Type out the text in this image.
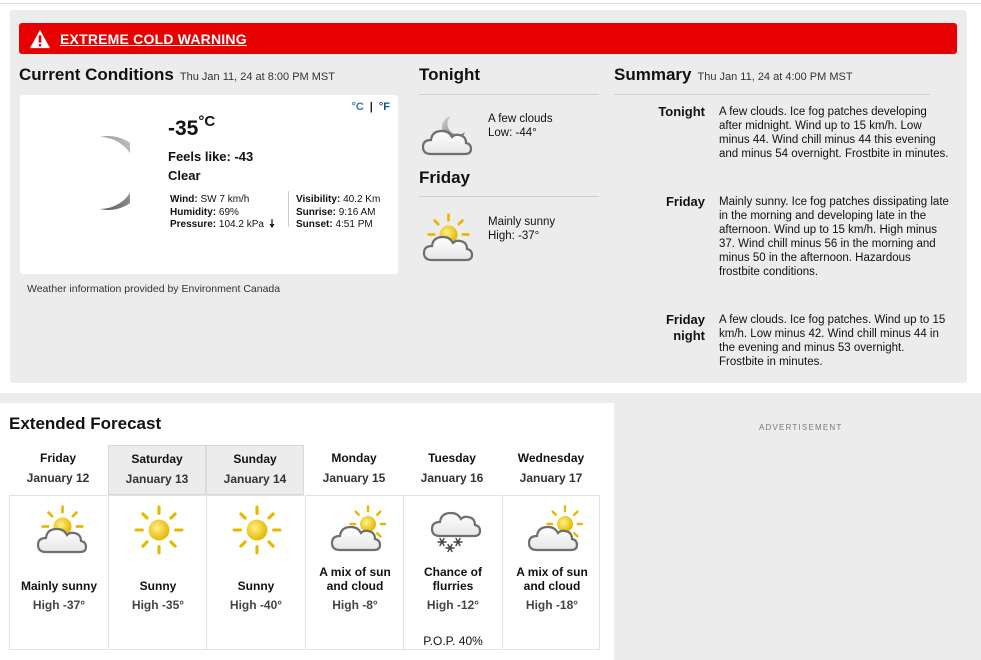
EXTREME COLD WARNING
Current Conditions Thu Jan 11, 24 at 8:00 PM MST
°C | °F
$-35^{^\circ C}$
Feels like: -43
Clear
Wind: SW 7 km/h
Humidity: 69%
Pressure: 104.2 kPa
Visibility: 40.2 Km
Sunrise: 9:16 AM
Sunset: 4:51 PM
Weather information provided by Environment Canada
Tonight
A few clouds
Low: -44°
Friday
Mainly sunny
High: -37°
Summary Thu Jan 11, 24 at 4:00 PM MST
Tonight A few clouds. Ice fog patches developing after midnight. Wind up to 15 km/h. Low minus 44. Wind chill minus 44 this evening and minus 54 overnight. Frostbite in minutes.
Friday Mainly sunny. Ice fog patches dissipating late in the morning and developing late in the afternoon. Wind up to 15 km/h. High minus 37. Wind chill minus 56 in the morning and minus 50 in the afternoon. Hazardous frostbite conditions.
Friday
night
A few clouds. Ice fog patches. Wind up to 15 km/h. Low minus 42. Wind chill minus 44 in the evening and minus 53 overnight. Frostbite in minutes.
ADVERTISEMENT
Extended Forecast
Friday
January 12
Mainly sunny
High -37°
Saturday
January 13
Sunny
High -35°
Sunday
January 14
Sunny
High -40°
Monday
January 15
A mix of sun
and cloud
High -8°
Tuesday
January 16
Chance of
flurries
High -12°
P.O.P. 40%
Wednesday
January 17
A mix of sun
and cloud
High -18°
